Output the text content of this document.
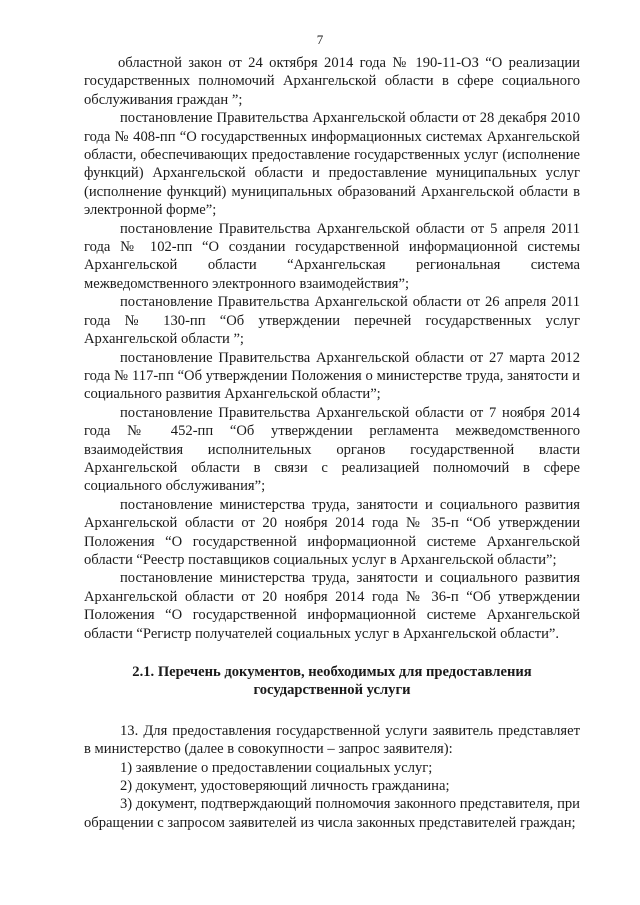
7

областной закон от 24 октября 2014 года № 190-11-ОЗ “О реализации государственных полномочий Архангельской области в сфере социального обслуживания граждан ”;

постановление Правительства Архангельской области от 28 декабря 2010 года № 408-пп “О государственных информационных системах Архангельской области, обеспечивающих предоставление государственных услуг (исполнение функций) Архангельской области и предоставление муниципальных услуг (исполнение функций) муниципальных образований Архангельской области в электронной форме”;

постановление Правительства Архангельской области от 5 апреля 2011 года № 102-пп “О создании государственной информационной системы Архангельской области “Архангельская региональная система межведомственного электронного взаимодействия”;

постановление Правительства Архангельской области от 26 апреля 2011 года № 130-пп “Об утверждении перечней государственных услуг Архангельской области ”;

постановление Правительства Архангельской области от 27 марта 2012 года № 117-пп “Об утверждении Положения о министерстве труда, занятости и социального развития Архангельской области”;

постановление Правительства Архангельской области от 7 ноября 2014 года № 452-пп “Об утверждении регламента межведомственного взаимодействия исполнительных органов государственной власти Архангельской области в связи с реализацией полномочий в сфере социального обслуживания”;

постановление министерства труда, занятости и социального развития Архангельской области от 20 ноября 2014 года № 35-п “Об утверждении Положения “О государственной информационной системе Архангельской области “Реестр поставщиков социальных услуг в Архангельской области”;

постановление министерства труда, занятости и социального развития Архангельской области от 20 ноября 2014 года № 36-п “Об утверждении Положения “О государственной информационной системе Архангельской области “Регистр получателей социальных услуг в Архангельской области”.

2.1. Перечень документов, необходимых для предоставления
государственной услуги

13. Для предоставления государственной услуги заявитель представляет в министерство (далее в совокупности – запрос заявителя):

1) заявление о предоставлении социальных услуг;

2) документ, удостоверяющий личность гражданина;

3) документ, подтверждающий полномочия законного представителя, при обращении с запросом заявителей из числа законных представителей граждан;
